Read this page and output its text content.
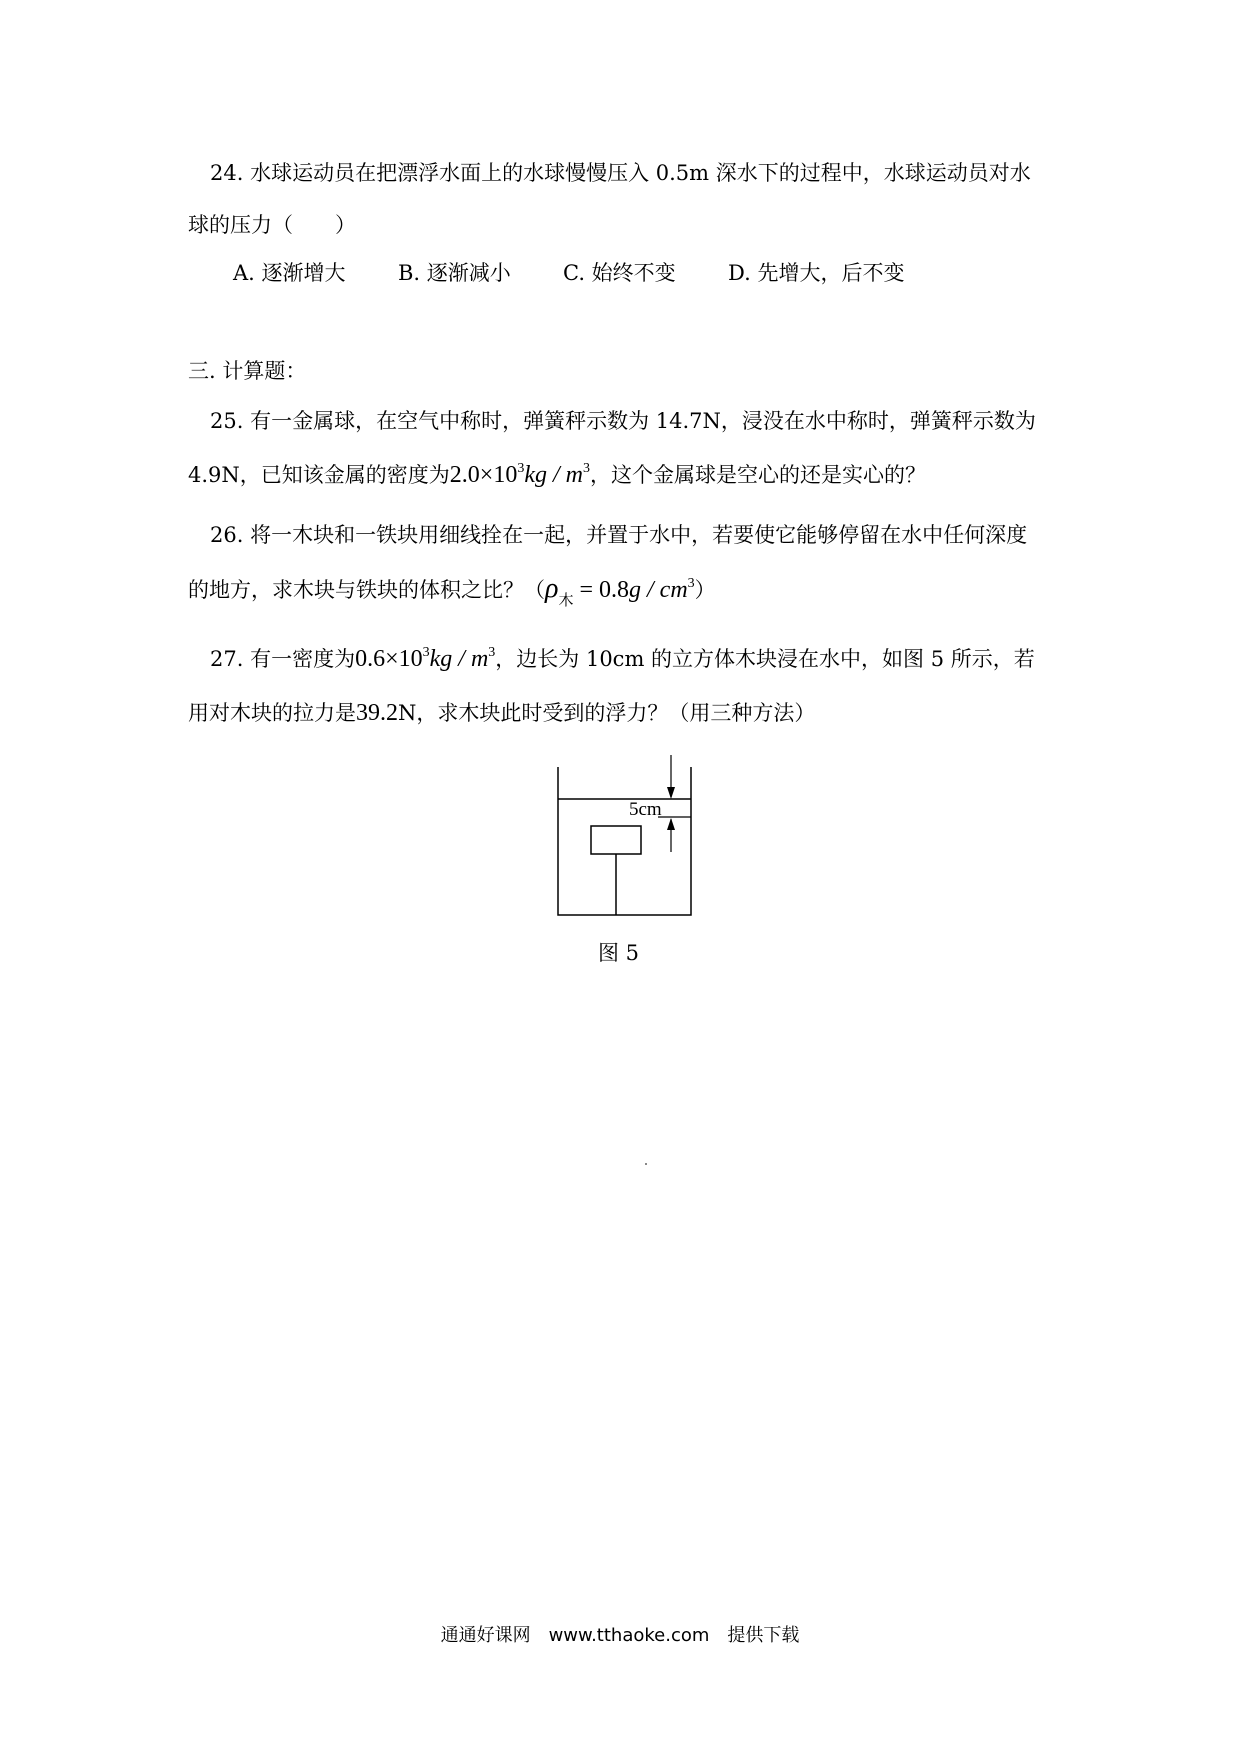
24. 水球运动员在把漂浮水面上的水球慢慢压入 0.5m 深水下的过程中，水球运动员对水
球的压力（　　）
A. 逐渐增大 B. 逐渐减小 C. 始终不变 D. 先增大，后不变
三. 计算题：
25. 有一金属球，在空气中称时，弹簧秤示数为 14.7N，浸没在水中称时，弹簧秤示数为
4.9N，已知该金属的密度为$2.0\times 10^3kg / m^3$，这个金属球是空心的还是实心的？
26. 将一木块和一铁块用细线拴在一起，并置于水中，若要使它能够停留在水中任何深度
的地方，求木块与铁块的体积之比？$(\rho_木 = 0.8g / cm^3)$
27. 有一密度为$0.6\times 10^3kg / m^3$，边长为 10cm 的立方体木块浸在水中，如图 5 所示，若
用对木块的拉力是39.2N，求木块此时受到的浮力？（用三种方法）
5cm
图 5
通通好课网　www.tthaoke.com　提供下载
